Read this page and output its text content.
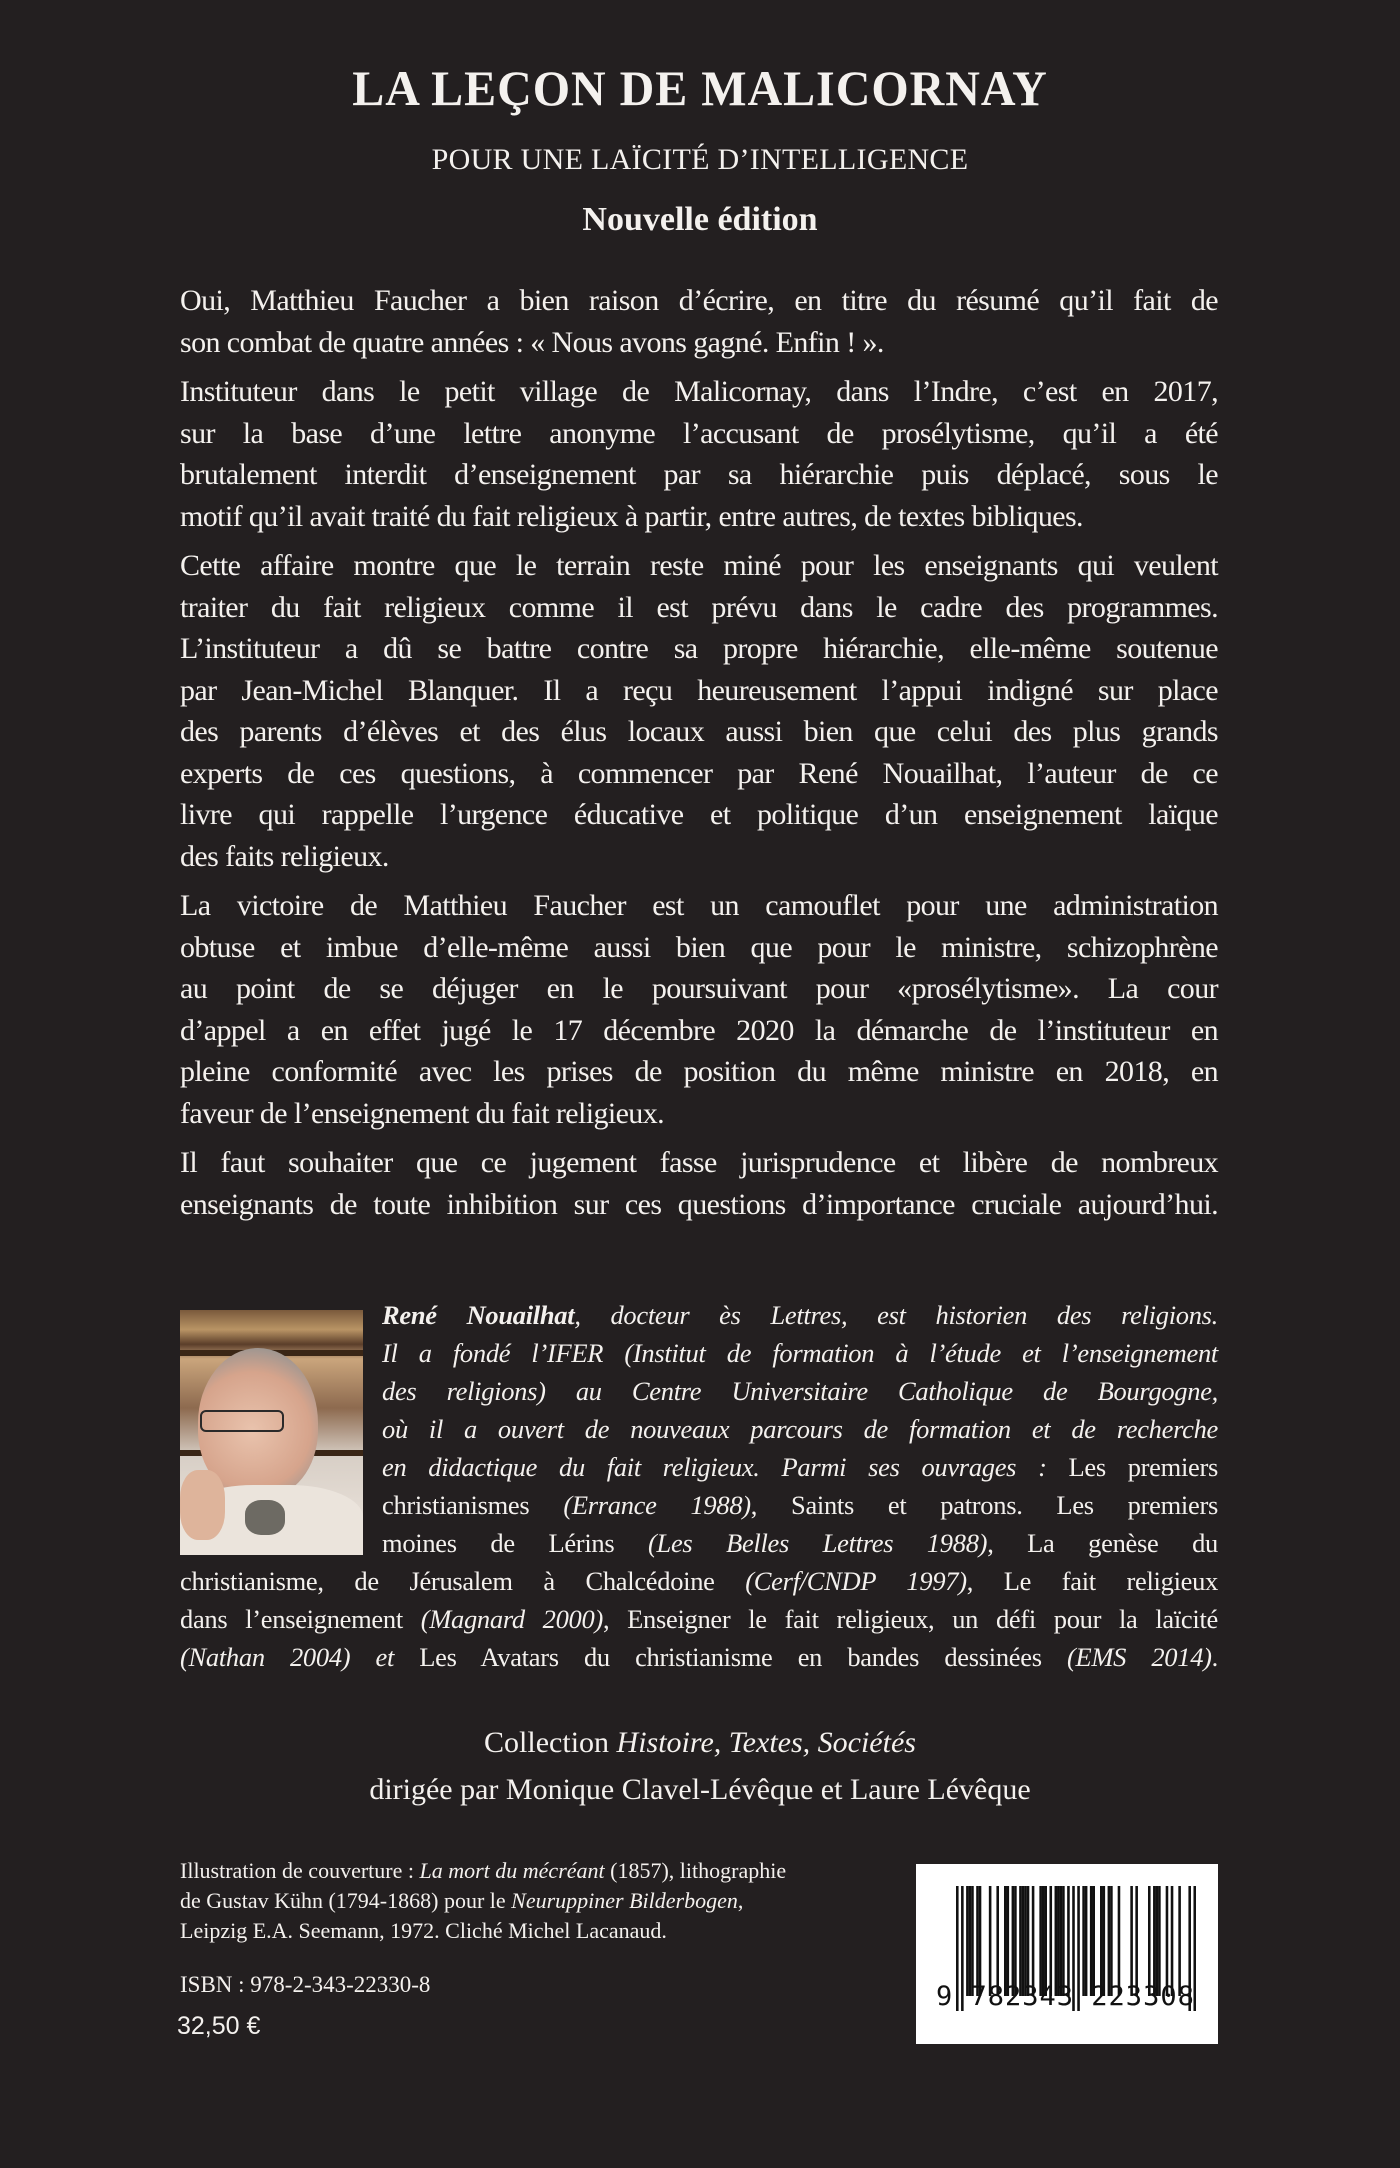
LA LEÇON DE MALICORNAY
POUR UNE LAÏCITÉ D’INTELLIGENCE
Nouvelle édition
Oui, Matthieu Faucher a bien raison d’écrire, en titre du résumé qu’il fait de
son combat de quatre années : « Nous avons gagné. Enfin ! ».
Instituteur dans le petit village de Malicornay, dans l’Indre, c’est en 2017,
sur la base d’une lettre anonyme l’accusant de prosélytisme, qu’il a été
brutalement interdit d’enseignement par sa hiérarchie puis déplacé, sous le
motif qu’il avait traité du fait religieux à partir, entre autres, de textes bibliques.
Cette affaire montre que le terrain reste miné pour les enseignants qui veulent
traiter du fait religieux comme il est prévu dans le cadre des programmes.
L’instituteur a dû se battre contre sa propre hiérarchie, elle-même soutenue
par Jean-Michel Blanquer. Il a reçu heureusement l’appui indigné sur place
des parents d’élèves et des élus locaux aussi bien que celui des plus grands
experts de ces questions, à commencer par René Nouailhat, l’auteur de ce
livre qui rappelle l’urgence éducative et politique d’un enseignement laïque
des faits religieux.
La victoire de Matthieu Faucher est un camouflet pour une administration
obtuse et imbue d’elle-même aussi bien que pour le ministre, schizophrène
au point de se déjuger en le poursuivant pour «prosélytisme». La cour
d’appel a en effet jugé le 17 décembre 2020 la démarche de l’instituteur en
pleine conformité avec les prises de position du même ministre en 2018, en
faveur de l’enseignement du fait religieux.
Il faut souhaiter que ce jugement fasse jurisprudence et libère de nombreux
enseignants de toute inhibition sur ces questions d’importance cruciale aujourd’hui.
René Nouailhat, docteur ès Lettres, est historien des religions.
Il a fondé l’IFER (Institut de formation à l’étude et l’enseignement
des religions) au Centre Universitaire Catholique de Bourgogne,
où il a ouvert de nouveaux parcours de formation et de recherche
en didactique du fait religieux. Parmi ses ouvrages : Les premiers
christianismes (Errance 1988), Saints et patrons. Les premiers
moines de Lérins (Les Belles Lettres 1988), La genèse du
christianisme, de Jérusalem à Chalcédoine (Cerf/CNDP 1997), Le fait religieux
dans l’enseignement (Magnard 2000), Enseigner le fait religieux, un défi pour la laïcité
(Nathan 2004) et Les Avatars du christianisme en bandes dessinées (EMS 2014).
Collection Histoire, Textes, Sociétés
dirigée par Monique Clavel-Lévêque et Laure Lévêque
Illustration de couverture : La mort du mécréant (1857), lithographie
de Gustav Kühn (1794-1868) pour le Neuruppiner Bilderbogen,
Leipzig E.A. Seemann, 1972. Cliché Michel Lacanaud.
ISBN : 978-2-343-22330-8
32,50 €
9 782343 223308
